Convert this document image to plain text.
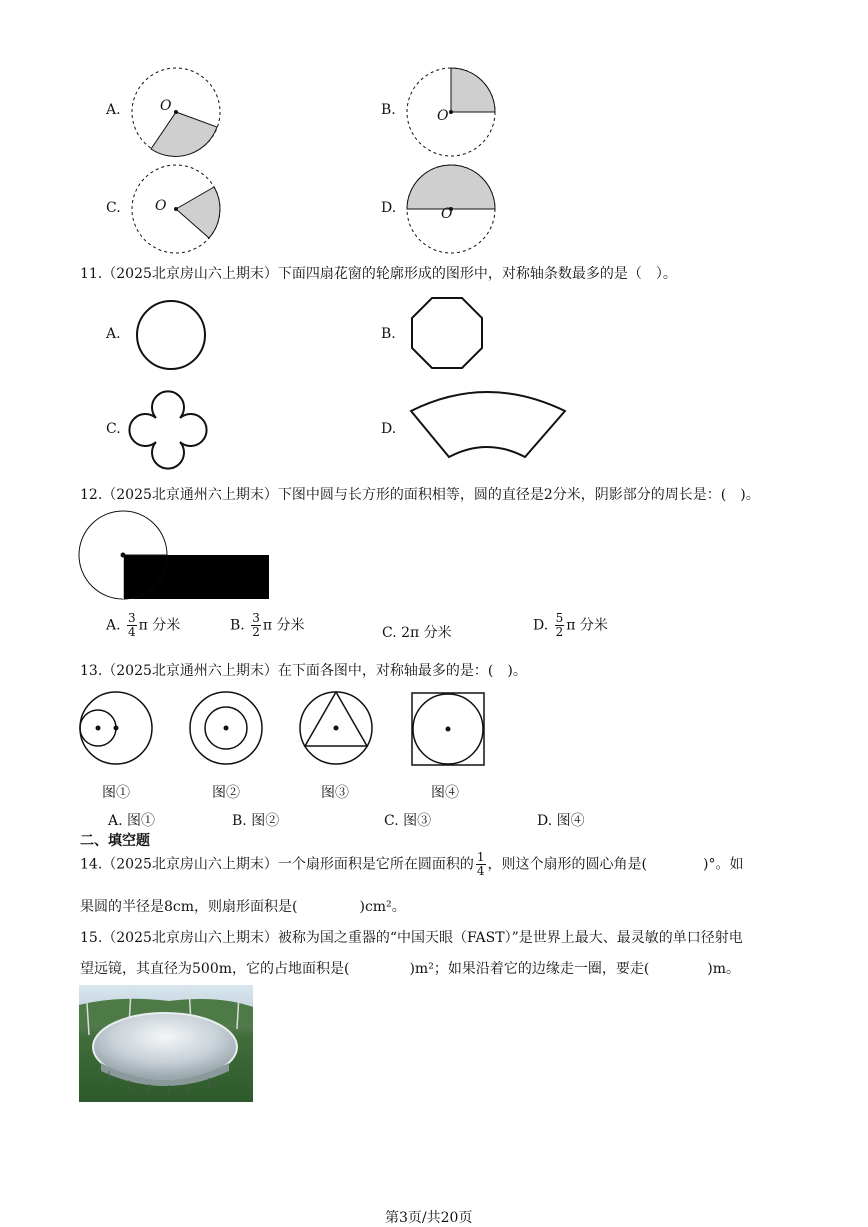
A.	O	B.	O
C. O	D.	O
11.（2025北京房山六上期末）下面四扇花窗的轮廓形成的图形中，对称轴条数最多的是（　）。
A.	B.
C.	D.
12.（2025北京通州六上期末）下图中圆与长方形的面积相等，圆的直径是2分米，阴影部分的周长是：(　)。
A. $\frac{3}{4}$ π 分米	B. $\frac{3}{2}$ π 分米	C. 2π 分米	D. $\frac{5}{2}$ π 分米
13.（2025北京通州六上期末）在下面各图中，对称轴最多的是：(　)。
图①	图②	图③	图④
A. 图①	B. 图②	C. 图③	D. 图④
二、填空题
14.（2025北京房山六上期末）一个扇形面积是它所在圆面积的 $\frac{1}{4}$ ，则这个扇形的圆心角是(	)°。如
果圆的半径是8cm，则扇形面积是(	)cm²。
15.（2025北京房山六上期末）被称为国之重器的“中国天眼（FAST）”是世界上最大、最灵敏的单口径射电
望远镜，其直径为500m，它的占地面积是(	)m²；如果沿着它的边缘走一圈，要走(	)m。
第3页/共20页
